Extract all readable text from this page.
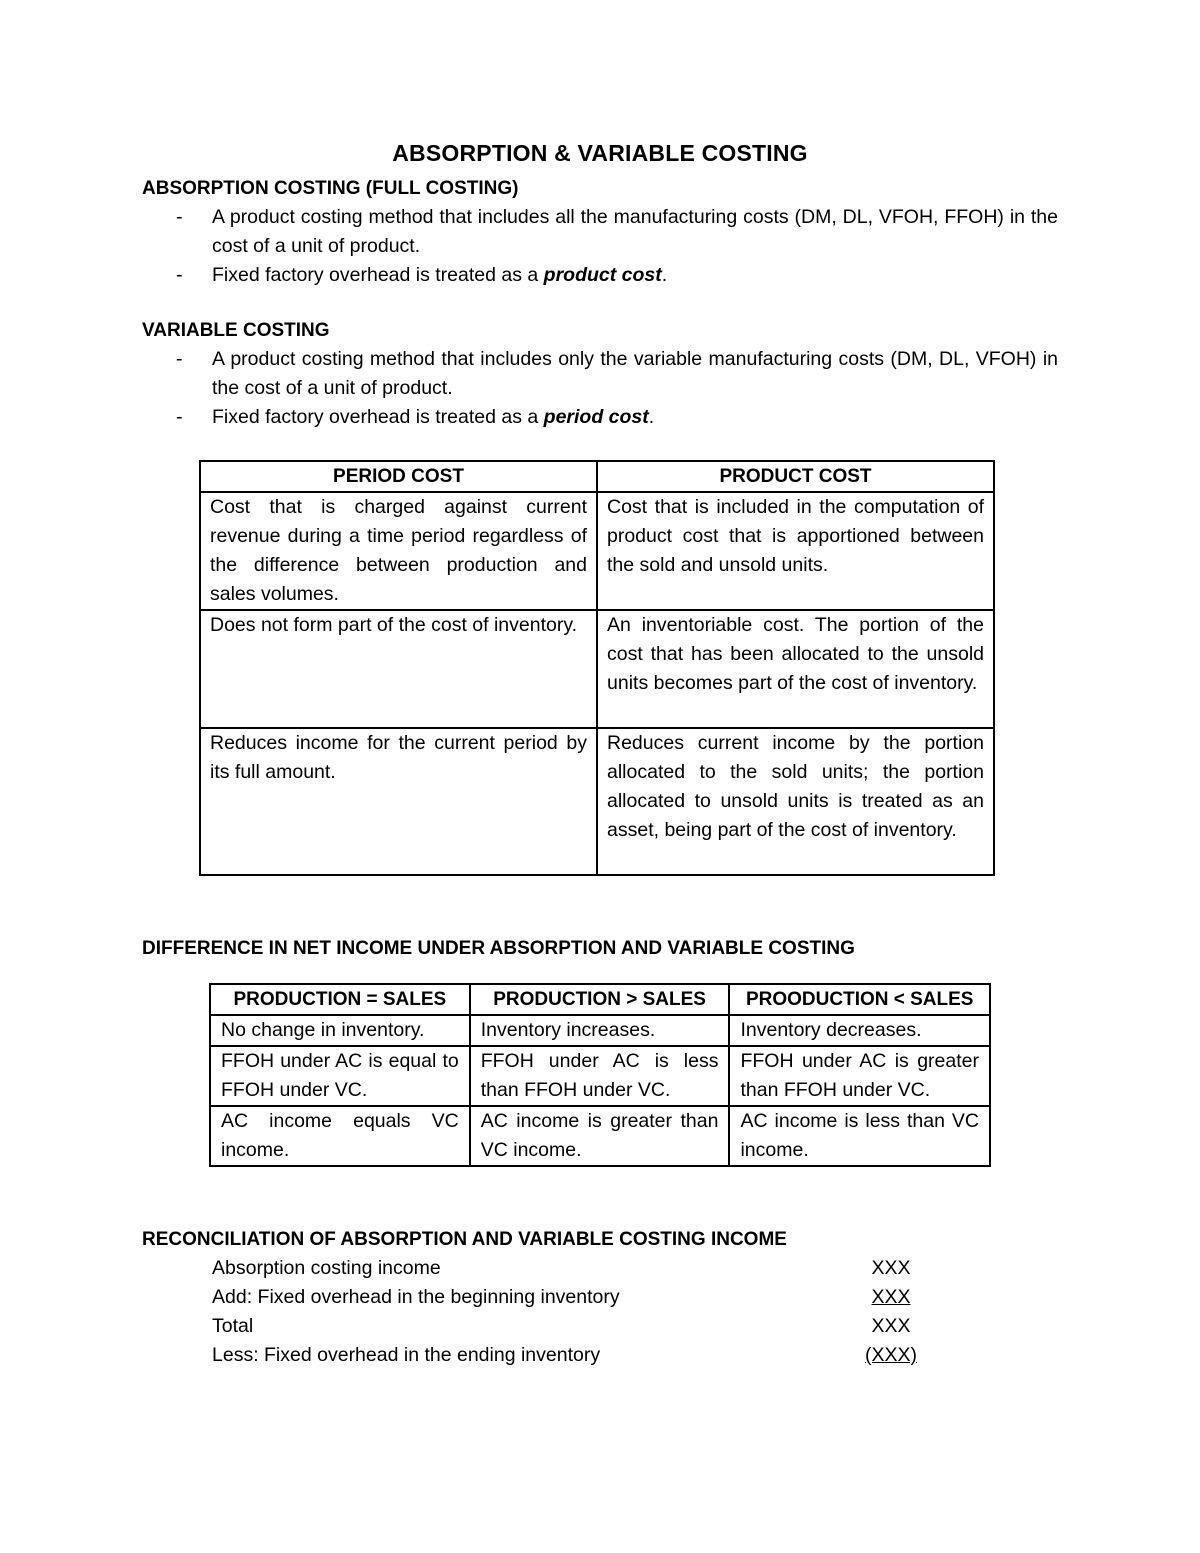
ABSORPTION & VARIABLE COSTING

ABSORPTION COSTING (FULL COSTING)

- A product costing method that includes all the manufacturing costs (DM, DL, VFOH, FFOH) in the cost of a unit of product.
- Fixed factory overhead is treated as a product cost.

VARIABLE COSTING

- A product costing method that includes only the variable manufacturing costs (DM, DL, VFOH) in the cost of a unit of product.
- Fixed factory overhead is treated as a period cost.
PERIOD COST	PRODUCT COST
Cost that is charged against current revenue during a time period regardless of the difference between production and sales volumes.	Cost that is included in the computation of product cost that is apportioned between the sold and unsold units.
Does not form part of the cost of inventory.	An inventoriable cost. The portion of the cost that has been allocated to the unsold units becomes part of the cost of inventory.
Reduces income for the current period by its full amount.	Reduces current income by the portion allocated to the sold units; the portion allocated to unsold units is treated as an asset, being part of the cost of inventory.

DIFFERENCE IN NET INCOME UNDER ABSORPTION AND VARIABLE COSTING

PRODUCTION = SALES	PRODUCTION > SALES	PROODUCTION < SALES
No change in inventory.	Inventory increases.	Inventory decreases.
FFOH under AC is equal to FFOH under VC.	FFOH under AC is less than FFOH under VC.	FFOH under AC is greater than FFOH under VC.
AC income equals VC income.	AC income is greater than VC income.	AC income is less than VC income.

RECONCILIATION OF ABSORPTION AND VARIABLE COSTING INCOME

Absorption costing income	XXX
Add: Fixed overhead in the beginning inventory	XXX
Total	XXX
Less: Fixed overhead in the ending inventory	(XXX)
